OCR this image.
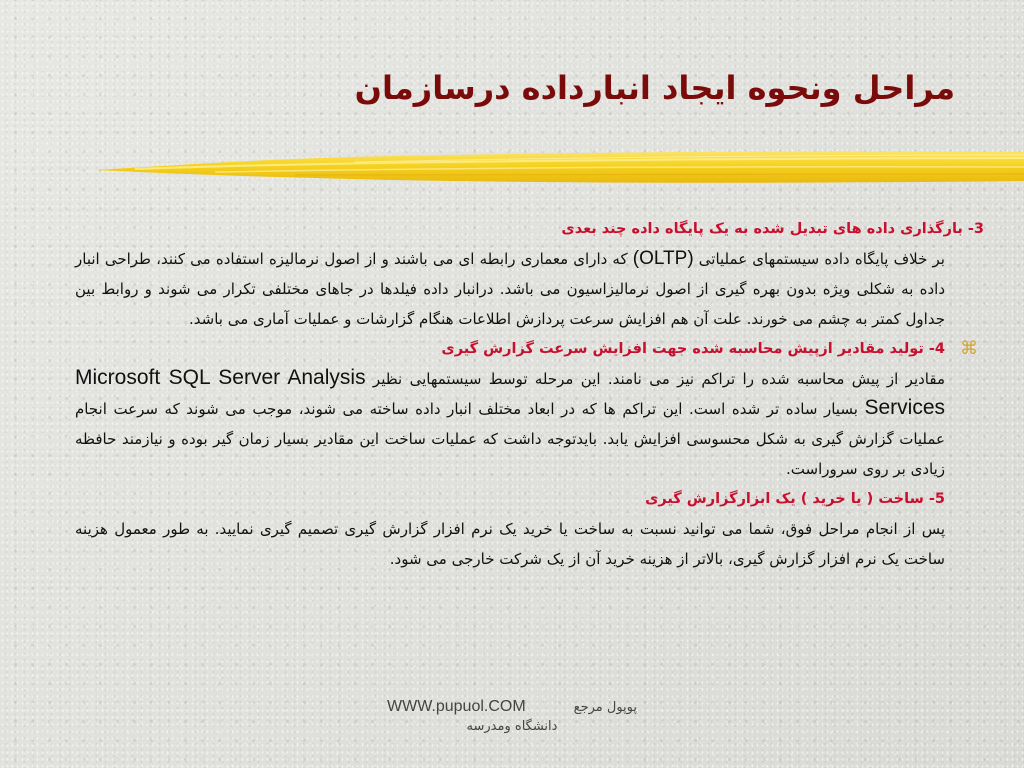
مراحل ونحوه ایجاد انبارداده درسازمان

3- بارگذاری داده های تبدیل شده به یک پایگاه داده چند بعدی

بر خلاف پایگاه داده سیستمهای عملیاتی (OLTP) که دارای معماری رابطه ای می باشند و از اصول نرمالیزه استفاده می کنند، طراحی انبار داده به شکلی ویژه بدون بهره گیری از اصول نرمالیزاسیون می باشد. درانبار داده فیلدها در جاهای مختلفی تکرار می شوند و روابط بین جداول کمتر به چشم می خورند. علت آن هم افزایش سرعت پردازش اطلاعات هنگام گزارشات و عملیات آماری می باشد.

⌘

4- تولید مقادیر ازپیش محاسبه شده جهت افزایش سرعت گزارش گیری

مقادیر از پیش محاسبه شده را تراکم نیز می نامند. این مرحله توسط سیستمهایی نظیر Microsoft SQL Server Analysis Services بسیار ساده تر شده است. این تراکم ها که در ابعاد مختلف انبار داده ساخته می شوند، موجب می شوند که سرعت انجام عملیات گزارش گیری به شکل محسوسی افزایش یابد. بایدتوجه داشت که عملیات ساخت این مقادیر بسیار زمان گیر بوده و نیازمند حافظه زیادی بر روی سروراست.

5- ساخت ( یا خرید ) یک ابزارگزارش گیری

پس از انجام مراحل فوق، شما می توانید نسبت به ساخت یا خرید یک نرم افزار گزارش گیری تصمیم گیری نمایید. به طور معمول هزینه ساخت یک نرم افزار گزارش گیری، بالاتر از هزینه خرید آن از یک شرکت خارجی می شود.

WWW.pupuol.COM	پوپول مرجع
دانشگاه ومدرسه
